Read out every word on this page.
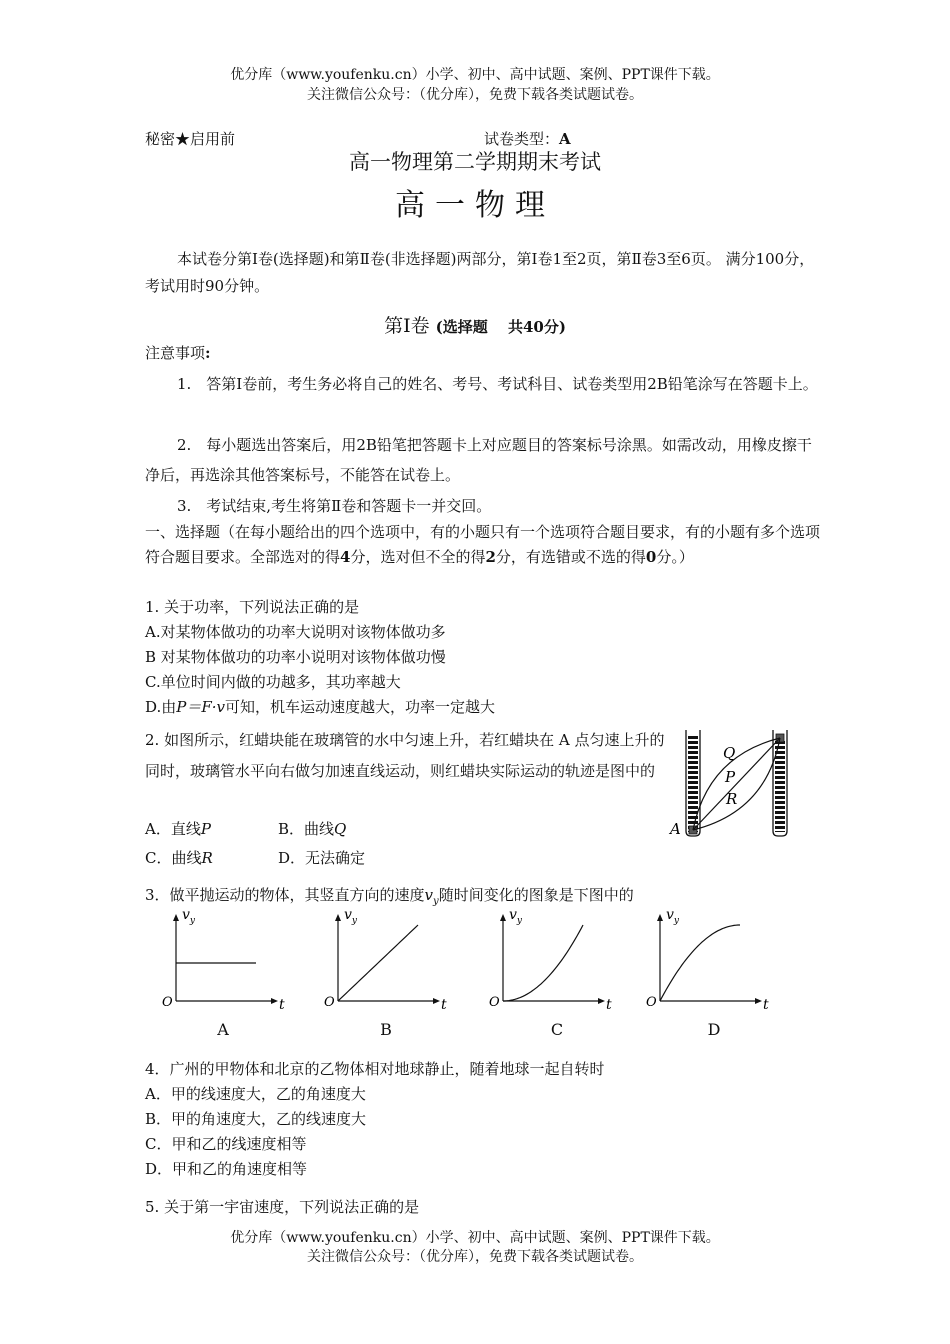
优分库（www.youfenku.cn）小学、初中、高中试题、案例、PPT课件下载。
关注微信公众号：（优分库），免费下载各类试题试卷。
秘密★启用前	试卷类型：A
高一物理第二学期期末考试
高一物理
本试卷分第Ⅰ卷(选择题)和第Ⅱ卷(非选择题)两部分，第Ⅰ卷1至2页，第Ⅱ卷3至6页。 满分100分，考试用时90分钟。
第Ⅰ卷 (选择题　 共40分)
注意事项:
1.　答第Ⅰ卷前，考生务必将自己的姓名、考号、考试科目、试卷类型用2B铅笔涂写在答题卡上。
2.　每小题选出答案后，用2B铅笔把答题卡上对应题目的答案标号涂黑。如需改动，用橡皮擦干净后，再选涂其他答案标号，不能答在试卷上。
3.　考试结束,考生将第Ⅱ卷和答题卡一并交回。
一、选择题（在每小题给出的四个选项中，有的小题只有一个选项符合题目要求，有的小题有多个选项符合题目要求。全部选对的得4分，选对但不全的得2分，有选错或不选的得0分。）
1. 关于功率，下列说法正确的是
A.对某物体做功的功率大说明对该物体做功多
B 对某物体做功的功率小说明对该物体做功慢
C.单位时间内做的功越多，其功率越大
D.由P＝F·v可知，机车运动速度越大，功率一定越大
2. 如图所示，红蜡块能在玻璃管的水中匀速上升，若红蜡块在 A 点匀速上升的同时，玻璃管水平向右做匀加速直线运动，则红蜡块实际运动的轨迹是图中的
A．直线P	B．曲线Q
C．曲线R	D．无法确定
Q
P
R
A
3．做平抛运动的物体，其竖直方向的速度$v_y$随时间变化的图象是下图中的
O	t
$v_y$
O	t
$v_y$
O	t
$v_y$
O	t
$v_y$
A	B	C	D
4．广州的甲物体和北京的乙物体相对地球静止，随着地球一起自转时
A．甲的线速度大，乙的角速度大
B．甲的角速度大，乙的线速度大
C．甲和乙的线速度相等
D．甲和乙的角速度相等
5. 关于第一宇宙速度，下列说法正确的是
优分库（www.youfenku.cn）小学、初中、高中试题、案例、PPT课件下载。
关注微信公众号：（优分库），免费下载各类试题试卷。
